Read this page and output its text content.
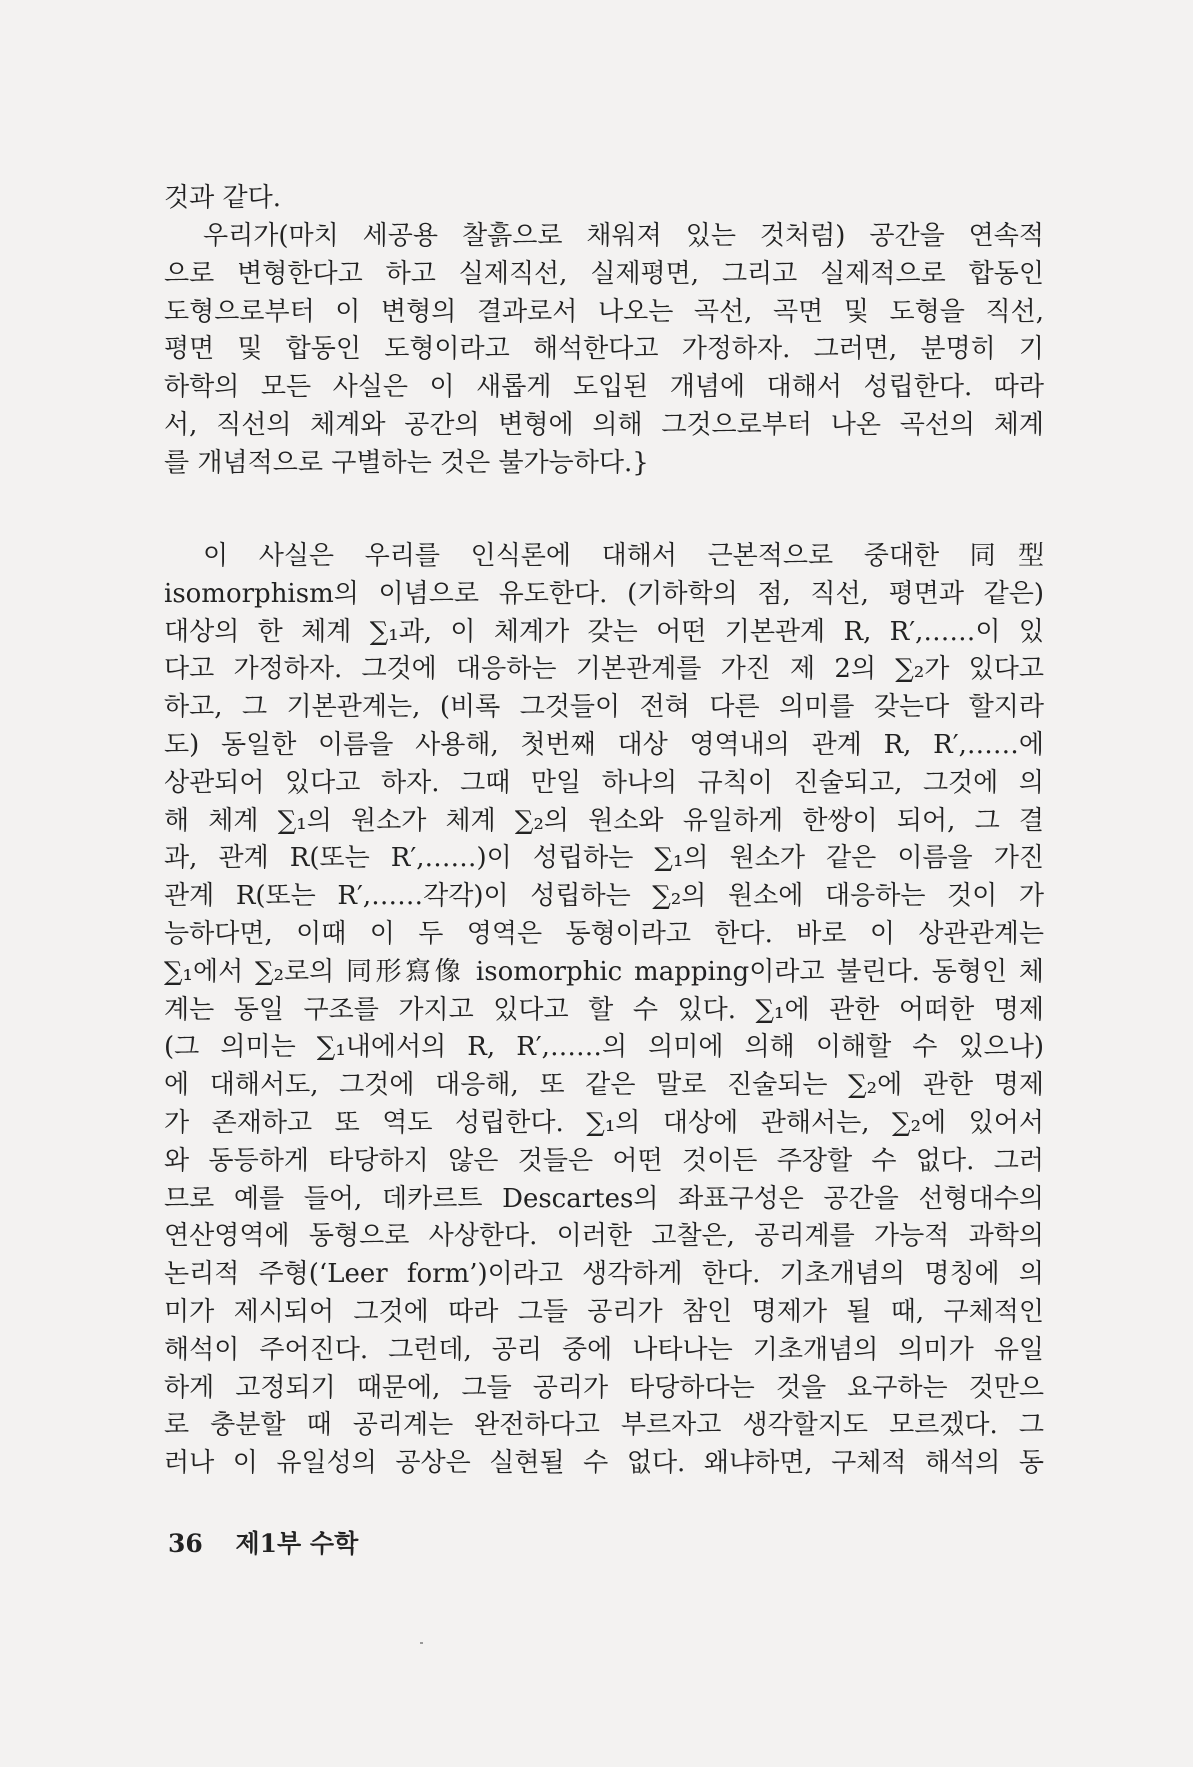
것과 같다.
우리가(마치 세공용 찰흙으로 채워져 있는 것처럼) 공간을 연속적
으로 변형한다고 하고 실제직선, 실제평면, 그리고 실제적으로 합동인
도형으로부터 이 변형의 결과로서 나오는 곡선, 곡면 및 도형을 직선,
평면 및 합동인 도형이라고 해석한다고 가정하자. 그러면, 분명히 기
하학의 모든 사실은 이 새롭게 도입된 개념에 대해서 성립한다. 따라
서, 직선의 체계와 공간의 변형에 의해 그것으로부터 나온 곡선의 체계
를 개념적으로 구별하는 것은 불가능하다.}
이 사실은 우리를 인식론에 대해서 근본적으로 중대한 同型
isomorphism의 이념으로 유도한다. (기하학의 점, 직선, 평면과 같은)
대상의 한 체계 ∑₁과, 이 체계가 갖는 어떤 기본관계 R, R′,……이 있
다고 가정하자. 그것에 대응하는 기본관계를 가진 제 2의 ∑₂가 있다고
하고, 그 기본관계는, (비록 그것들이 전혀 다른 의미를 갖는다 할지라
도) 동일한 이름을 사용해, 첫번째 대상 영역내의 관계 R, R′,……에
상관되어 있다고 하자. 그때 만일 하나의 규칙이 진술되고, 그것에 의
해 체계 ∑₁의 원소가 체계 ∑₂의 원소와 유일하게 한쌍이 되어, 그 결
과, 관계 R(또는 R′,……)이 성립하는 ∑₁의 원소가 같은 이름을 가진
관계 R(또는 R′,……각각)이 성립하는 ∑₂의 원소에 대응하는 것이 가
능하다면, 이때 이 두 영역은 동형이라고 한다. 바로 이 상관관계는
∑₁에서 ∑₂로의 同形寫像 isomorphic mapping이라고 불린다. 동형인 체
계는 동일 구조를 가지고 있다고 할 수 있다. ∑₁에 관한 어떠한 명제
(그 의미는 ∑₁내에서의 R, R′,……의 의미에 의해 이해할 수 있으나)
에 대해서도, 그것에 대응해, 또 같은 말로 진술되는 ∑₂에 관한 명제
가 존재하고 또 역도 성립한다. ∑₁의 대상에 관해서는, ∑₂에 있어서
와 동등하게 타당하지 않은 것들은 어떤 것이든 주장할 수 없다. 그러
므로 예를 들어, 데카르트 Descartes의 좌표구성은 공간을 선형대수의
연산영역에 동형으로 사상한다. 이러한 고찰은, 공리계를 가능적 과학의
논리적 주형(‘Leer form’)이라고 생각하게 한다. 기초개념의 명칭에 의
미가 제시되어 그것에 따라 그들 공리가 참인 명제가 될 때, 구체적인
해석이 주어진다. 그런데, 공리 중에 나타나는 기초개념의 의미가 유일
하게 고정되기 때문에, 그들 공리가 타당하다는 것을 요구하는 것만으
로 충분할 때 공리계는 완전하다고 부르자고 생각할지도 모르겠다. 그
러나 이 유일성의 공상은 실현될 수 없다. 왜냐하면, 구체적 해석의 동
36 제1부 수학
